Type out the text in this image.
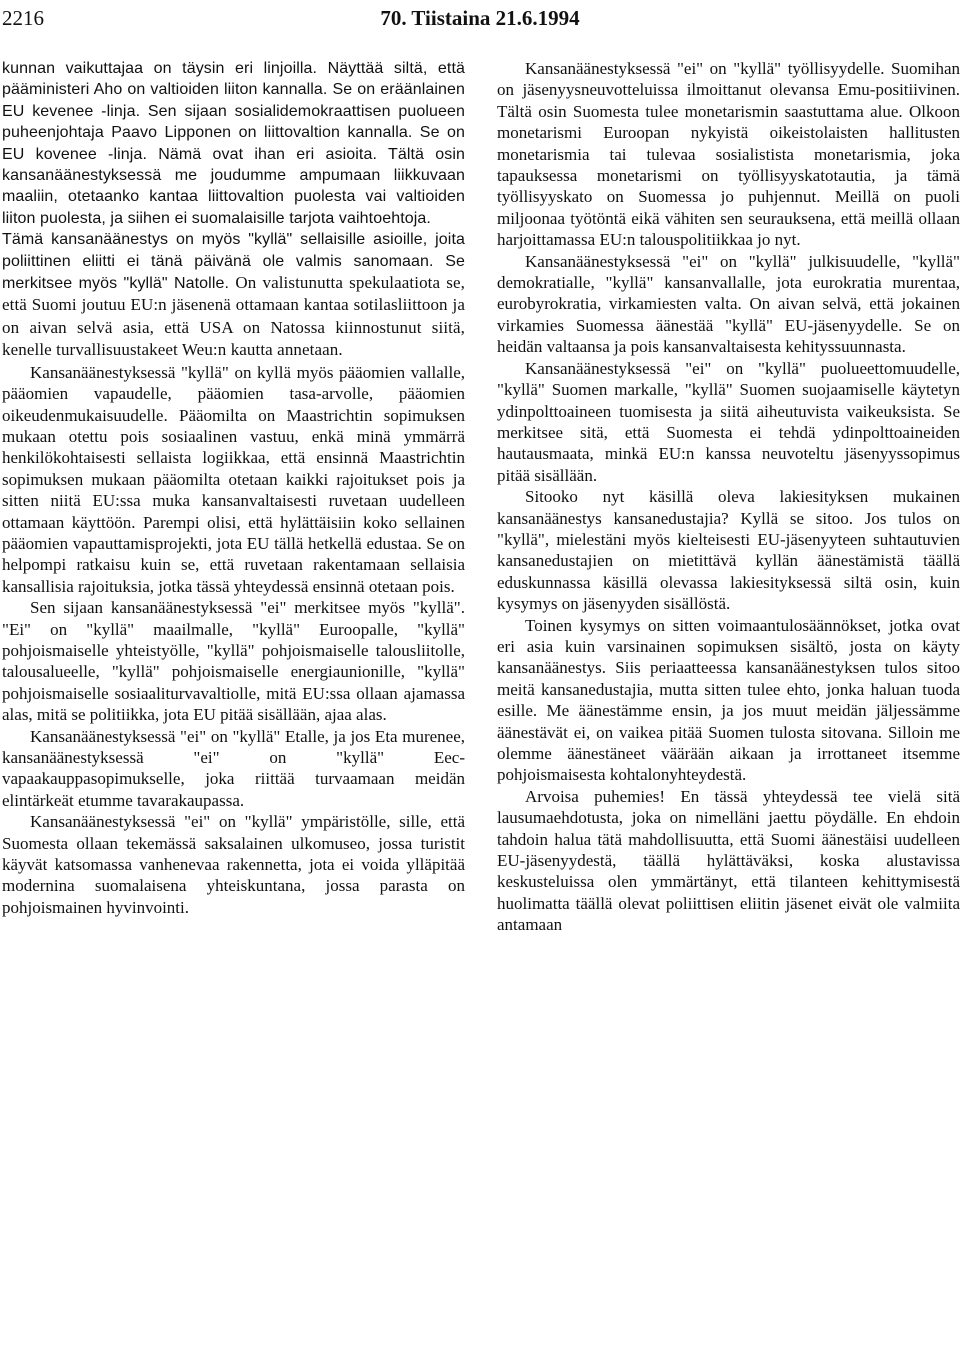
2216	70. Tiistaina 21.6.1994

kunnan vaikuttajaa on täysin eri linjoilla. Näyttää siltä, että pääministeri Aho on valtioiden liiton kannalla. Se on eräänlainen EU kevenee -linja. Sen sijaan sosialidemokraattisen puolueen puheenjohtaja Paavo Lipponen on liittovaltion kannalla. Se on EU kovenee -linja. Nämä ovat ihan eri asioita. Tältä osin kansanäänestyksessä me joudumme ampumaan liikkuvaan maaliin, otetaanko kantaa liittovaltion puolesta vai valtioiden liiton puolesta, ja siihen ei suomalaisille tarjota vaihtoehtoja.

Tämä kansanäänestys on myös "kyllä" sellaisille asioille, joita poliittinen eliitti ei tänä päivänä ole valmis sanomaan. Se merkitsee myös "kyllä" Natolle. On valistunutta spekulaatiota se, että Suomi joutuu EU:n jäsenenä ottamaan kantaa sotilasliittoon ja on aivan selvä asia, että USA on Natossa kiinnostunut siitä, kenelle turvallisuustakeet Weu:n kautta annetaan.

Kansanäänestyksessä "kyllä" on kyllä myös pääomien vallalle, pääomien vapaudelle, pääomien tasa-arvolle, pääomien oikeudenmukaisuudelle. Pääomilta on Maastrichtin sopimuksen mukaan otettu pois sosiaalinen vastuu, enkä minä ymmärrä henkilökohtaisesti sellaista logiikkaa, että ensinnä Maastrichtin sopimuksen mukaan pääomilta otetaan kaikki rajoitukset pois ja sitten niitä EU:ssa muka kansanvaltaisesti ruvetaan uudelleen ottamaan käyttöön. Parempi olisi, että hylättäisiin koko sellainen pääomien vapauttamisprojekti, jota EU tällä hetkellä edustaa. Se on helpompi ratkaisu kuin se, että ruvetaan rakentamaan sellaisia kansallisia rajoituksia, jotka tässä yhteydessä ensinnä otetaan pois.

Sen sijaan kansanäänestyksessä "ei" merkitsee myös "kyllä". "Ei" on "kyllä" maailmalle, "kyllä" Euroopalle, "kyllä" pohjoismaiselle yhteistyölle, "kyllä" pohjoismaiselle talousliitolle, talousalueelle, "kyllä" pohjoismaiselle energiaunionille, "kyllä" pohjoismaiselle sosiaaliturvavaltiolle, mitä EU:ssa ollaan ajamassa alas, mitä se politiikka, jota EU pitää sisällään, ajaa alas.

Kansanäänestyksessä "ei" on "kyllä" Etalle, ja jos Eta murenee, kansanäänestyksessä "ei" on "kyllä" Eec-vapaakauppasopimukselle, joka riittää turvaamaan meidän elintärkeät etumme tavarakaupassa.

Kansanäänestyksessä "ei" on "kyllä" ympäristölle, sille, että Suomesta ollaan tekemässä saksalainen ulkomuseo, jossa turistit käyvät katsomassa vanhenevaa rakennetta, jota ei voida ylläpitää modernina suomalaisena yhteiskuntana, jossa parasta on pohjoismainen hyvinvointi.

Kansanäänestyksessä "ei" on "kyllä" työllisyydelle. Suomihan on jäsenyysneuvotteluissa ilmoittanut olevansa Emu-positiivinen. Tältä osin Suomesta tulee monetarismin saastuttama alue. Olkoon monetarismi Euroopan nykyistä oikeistolaisten hallitusten monetarismia tai tulevaa sosialistista monetarismia, joka tapauksessa monetarismi on työllisyyskatotautia, ja tämä työllisyyskato on Suomessa jo puhjennut. Meillä on puoli miljoonaa työtöntä eikä vähiten sen seurauksena, että meillä ollaan harjoittamassa EU:n talouspolitiikkaa jo nyt.

Kansanäänestyksessä "ei" on "kyllä" julkisuudelle, "kyllä" demokratialle, "kyllä" kansanvallalle, jota eurokratia murentaa, eurobyrokratia, virkamiesten valta. On aivan selvä, että jokainen virkamies Suomessa äänestää "kyllä" EU-jäsenyydelle. Se on heidän valtaansa ja pois kansanvaltaisesta kehityssuunnasta.

Kansanäänestyksessä "ei" on "kyllä" puolueettomuudelle, "kyllä" Suomen markalle, "kyllä" Suomen suojaamiselle käytetyn ydinpolttoaineen tuomisesta ja siitä aiheutuvista vaikeuksista. Se merkitsee sitä, että Suomesta ei tehdä ydinpolttoaineiden hautausmaata, minkä EU:n kanssa neuvoteltu jäsenyyssopimus pitää sisällään.

Sitooko nyt käsillä oleva lakiesityksen mukainen kansanäänestys kansanedustajia? Kyllä se sitoo. Jos tulos on "kyllä", mielestäni myös kielteisesti EU-jäsenyyteen suhtautuvien kansanedustajien on mietittävä kyllän äänestämistä täällä eduskunnassa käsillä olevassa lakiesityksessä siltä osin, kuin kysymys on jäsenyyden sisällöstä.

Toinen kysymys on sitten voimaantulosäännökset, jotka ovat eri asia kuin varsinainen sopimuksen sisältö, josta on käyty kansanäänestys. Siis periaatteessa kansanäänestyksen tulos sitoo meitä kansanedustajia, mutta sitten tulee ehto, jonka haluan tuoda esille. Me äänestämme ensin, ja jos muut meidän jäljessämme äänestävät ei, on vaikea pitää Suomen tulosta sitovana. Silloin me olemme äänestäneet väärään aikaan ja irrottaneet itsemme pohjoismaisesta kohtalonyhteydestä.

Arvoisa puhemies! En tässä yhteydessä tee vielä sitä lausumaehdotusta, joka on nimelläni jaettu pöydälle. En ehdoin tahdoin halua tätä mahdollisuutta, että Suomi äänestäisi uudelleen EU-jäsenyydestä, täällä hylättäväksi, koska alustavissa keskusteluissa olen ymmärtänyt, että tilanteen kehittymisestä huolimatta täällä olevat poliittisen eliitin jäsenet eivät ole valmiita antamaan
